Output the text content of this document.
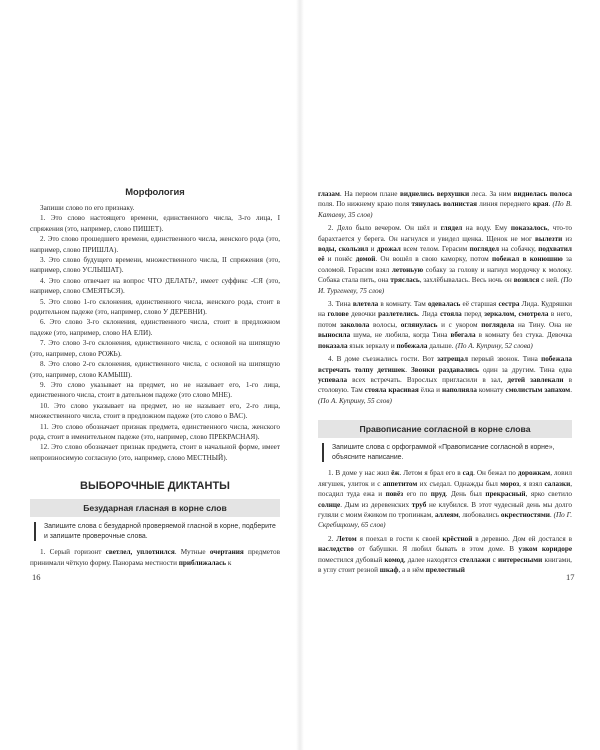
Морфология

Запиши слово по его признаку.

1. Это слово настоящего времени, единственного числа, 3-го лица, I спряжения (это, например, слово ПИШЕТ).

2. Это слово прошедшего времени, единственного числа, женского рода (это, например, слово ПРИШЛА).

3. Это слово будущего времени, множественного числа, II спряжения (это, например, слово УСЛЫШАТ).

4. Это слово отвечает на вопрос ЧТО ДЕЛАТЬ?, имеет суффикс -СЯ (это, например, слово СМЕЯТЬСЯ).

5. Это слово 1-го склонения, единственного числа, женского рода, стоит в родительном падеже (это, например, слово У ДЕРЕВНИ).

6. Это слово 3-го склонения, единственного числа, стоит в предложном падеже (это, например, слово НА ЕЛИ).

7. Это слово 3-го склонения, единственного числа, с основой на шипящую (это, например, слово РОЖЬ).

8. Это слово 2-го склонения, единственного числа, с основой на шипящую (это, например, слово КАМЫШ).

9. Это слово указывает на предмет, но не называет его, 1-го лица, единственного числа, стоит в дательном падеже (это слово МНЕ).

10. Это слово указывает на предмет, но не называет его, 2-го лица, множественного числа, стоит в предложном падеже (это слово о ВАС).

11. Это слово обозначает признак предмета, единственного числа, женского рода, стоит в именительном падеже (это, например, слово ПРЕКРАСНАЯ).

12. Это слово обозначает признак предмета, стоит в начальной форме, имеет непроизносимую согласную (это, например, слово МЕСТНЫЙ).

ВЫБОРОЧНЫЕ ДИКТАНТЫ
Безударная гласная в корне слов

Запишите слова с безударной проверяемой гласной в корне, подберите и запишите проверочные слова.

1. Серый горизонт светлел, уплотнился. Мутные очертания предметов принимали чёткую форму. Панорама местности приближалась к

16

глазам. На первом плане виднелись верхушки леса. За ним виднелась полоса поля. По нижнему краю поля тянулась волнистая линия переднего края. (По В. Катаеву, 35 слов)

2. Дело было вечером. Он шёл и глядел на воду. Ему показалось, что-то барахтается у берега. Он нагнулся и увидел щенка. Щенок не мог вылезти из воды, скользил и дрожал всем телом. Герасим поглядел на собачку, подхватил её и понёс домой. Он вошёл в свою каморку, потом побежал в конюшню за соломой. Герасим взял летоньую собаку за голову и нагнул мордочку к молоку. Собака стала пить, она тряслась, захлёбывалась. Весь ночь он возился с ней. (По И. Тургеневу, 75 слов)

3. Тина влетела в комнату. Там одевалась её старшая сестра Лида. Кудряшки на голове девочки разлетелись. Лида стояла перед зеркалом, смотрела в него, потом заколола волосы, оглянулась и с укором поглядела на Тину. Она не выносила шума, не любила, когда Тина вбегала в комнату без стука. Девочка показала язык зеркалу и побежала дальше. (По А. Куприну, 52 слова)

4. В доме съезжались гости. Вот затрещал первый звонок. Тина побежала встречать толпу детишек. Звонки раздавались один за другим. Тина едва успевала всех встречать. Взрослых пригласили в зал, детей завлекали в столовую. Там стояла красивая ёлка и наполняла комнату смолистым запахом. (По А. Куприну, 55 слов)

Правописание согласной в корне слова

Запишите слова с орфограммой «Правописание согласной в корне», объясните написание.

1. В доме у нас жил ёж. Летом я брал его в сад. Он бежал по дорожкам, ловил лягушек, улиток и с аппетитом их съедал. Однажды был мороз, я взял салазки, посадил туда ежа и повёз его по пруд. День был прекрасный, ярко светило солнце. Дым из деревенских труб не клубился. В этот чудесный день мы долго гуляли с моим ёжиком по тропинкам, аллеям, любовались окрестностями. (По Г. Скребицкому, 65 слов)

2. Летом я поехал в гости к своей крёстной в деревню. Дом ей достался в наследство от бабушки. Я любил бывать в этом доме. В узком коридоре поместился дубовый комод, далее находятся стеллажи с интересными книгами, в углу стоит резной шкаф, а в нём прелестный

17
